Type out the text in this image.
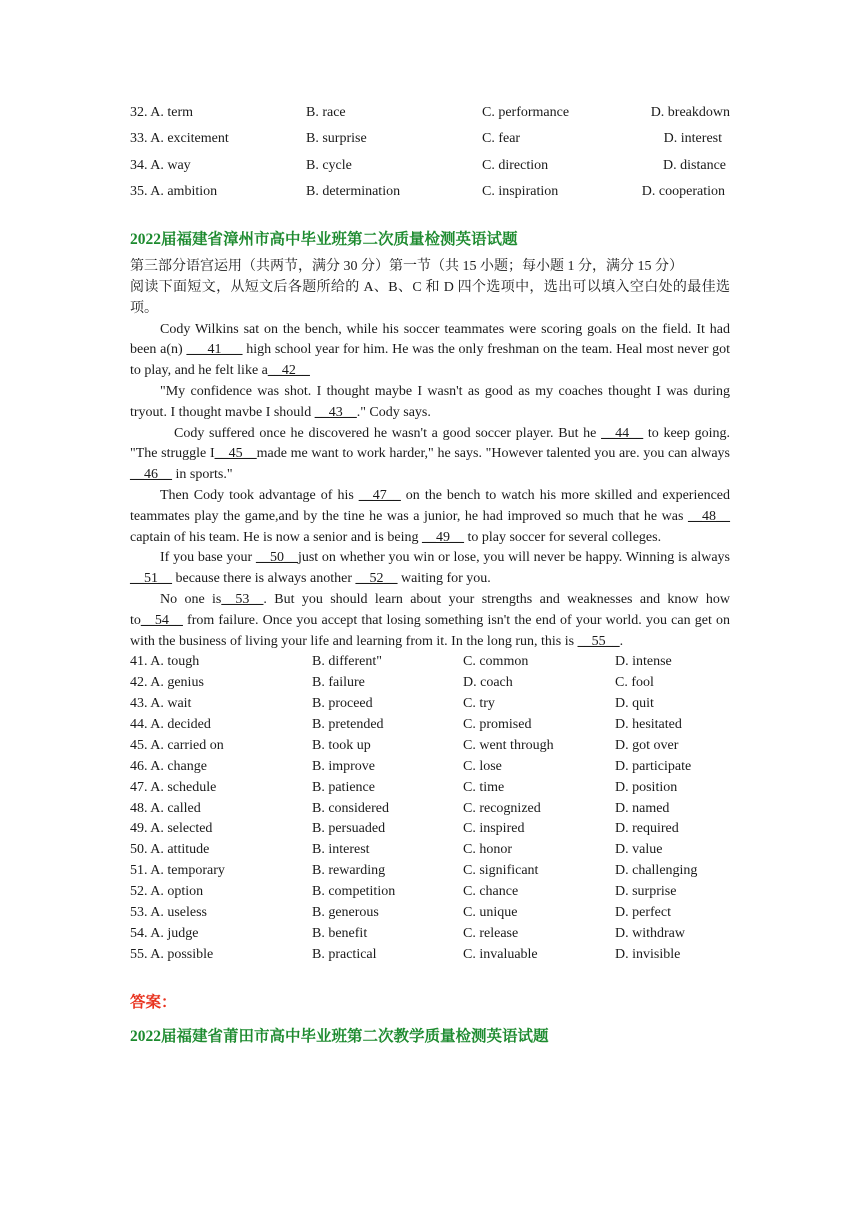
32. A. term	B. race	C. performance	D. breakdown
33. A. excitement	B. surprise	C. fear	D. interest
34. A. way	B. cycle	C. direction	D. distance
35. A. ambition	B. determination	C. inspiration	D. cooperation
2022届福建省漳州市高中毕业班第二次质量检测英语试题

第三部分语宫运用（共两节，满分 30 分）第一节（共 15 小题；每小题 1 分，满分 15 分）
阅读下面短文，从短文后各题所给的 A、B、C 和 D 四个选项中，选出可以填入空白处的最佳选项。

Cody Wilkins sat on the bench, while his soccer teammates were scoring goals on the field. It had been a(n) ___41___ high school year for him. He was the only freshman on the team. Heal most never got to play, and he felt like a__42__

"My confidence was shot. I thought maybe I wasn't as good as my coaches thought I was during tryout. I thought mavbe I should __43__." Cody says.

Cody suffered once he discovered he wasn't a good soccer player. But he __44__ to keep going. "The struggle I__45__made me want to work harder," he says. "However talented you are. you can always __46__ in sports."

Then Cody took advantage of his __47__ on the bench to watch his more skilled and experienced teammates play the game,and by the tine he was a junior, he had improved so much that he was __48__ captain of his team. He is now a senior and is being __49__ to play soccer for several colleges.

If you base your __50__just on whether you win or lose, you will never be happy. Winning is always __51__ because there is always another __52__ waiting for you.

No one is__53__. But you should learn about your strengths and weaknesses and know how to__54__ from failure. Once you accept that losing something isn't the end of your world. you can get on with the business of living your life and learning from it. In the long run, this is __55__.

41. A. tough	B. different"	C. common	D. intense
42. A. genius	B. failure	D. coach	C. fool
43. A. wait	B. proceed	C. try	D. quit
44. A. decided	B. pretended	C. promised	D. hesitated
45. A. carried on	B. took up	C. went through	D. got over
46. A. change	B. improve	C. lose	D. participate
47. A. schedule	B. patience	C. time	D. position
48. A. called	B. considered	C. recognized	D. named
49. A. selected	B. persuaded	C. inspired	D. required
50. A. attitude	B. interest	C. honor	D. value
51. A. temporary	B. rewarding	C. significant	D. challenging
52. A. option	B. competition	C. chance	D. surprise
53. A. useless	B. generous	C. unique	D. perfect
54. A. judge	B. benefit	C. release	D. withdraw
55. A. possible	B. practical	C. invaluable	D. invisible
答案：
2022届福建省莆田市高中毕业班第二次教学质量检测英语试题
